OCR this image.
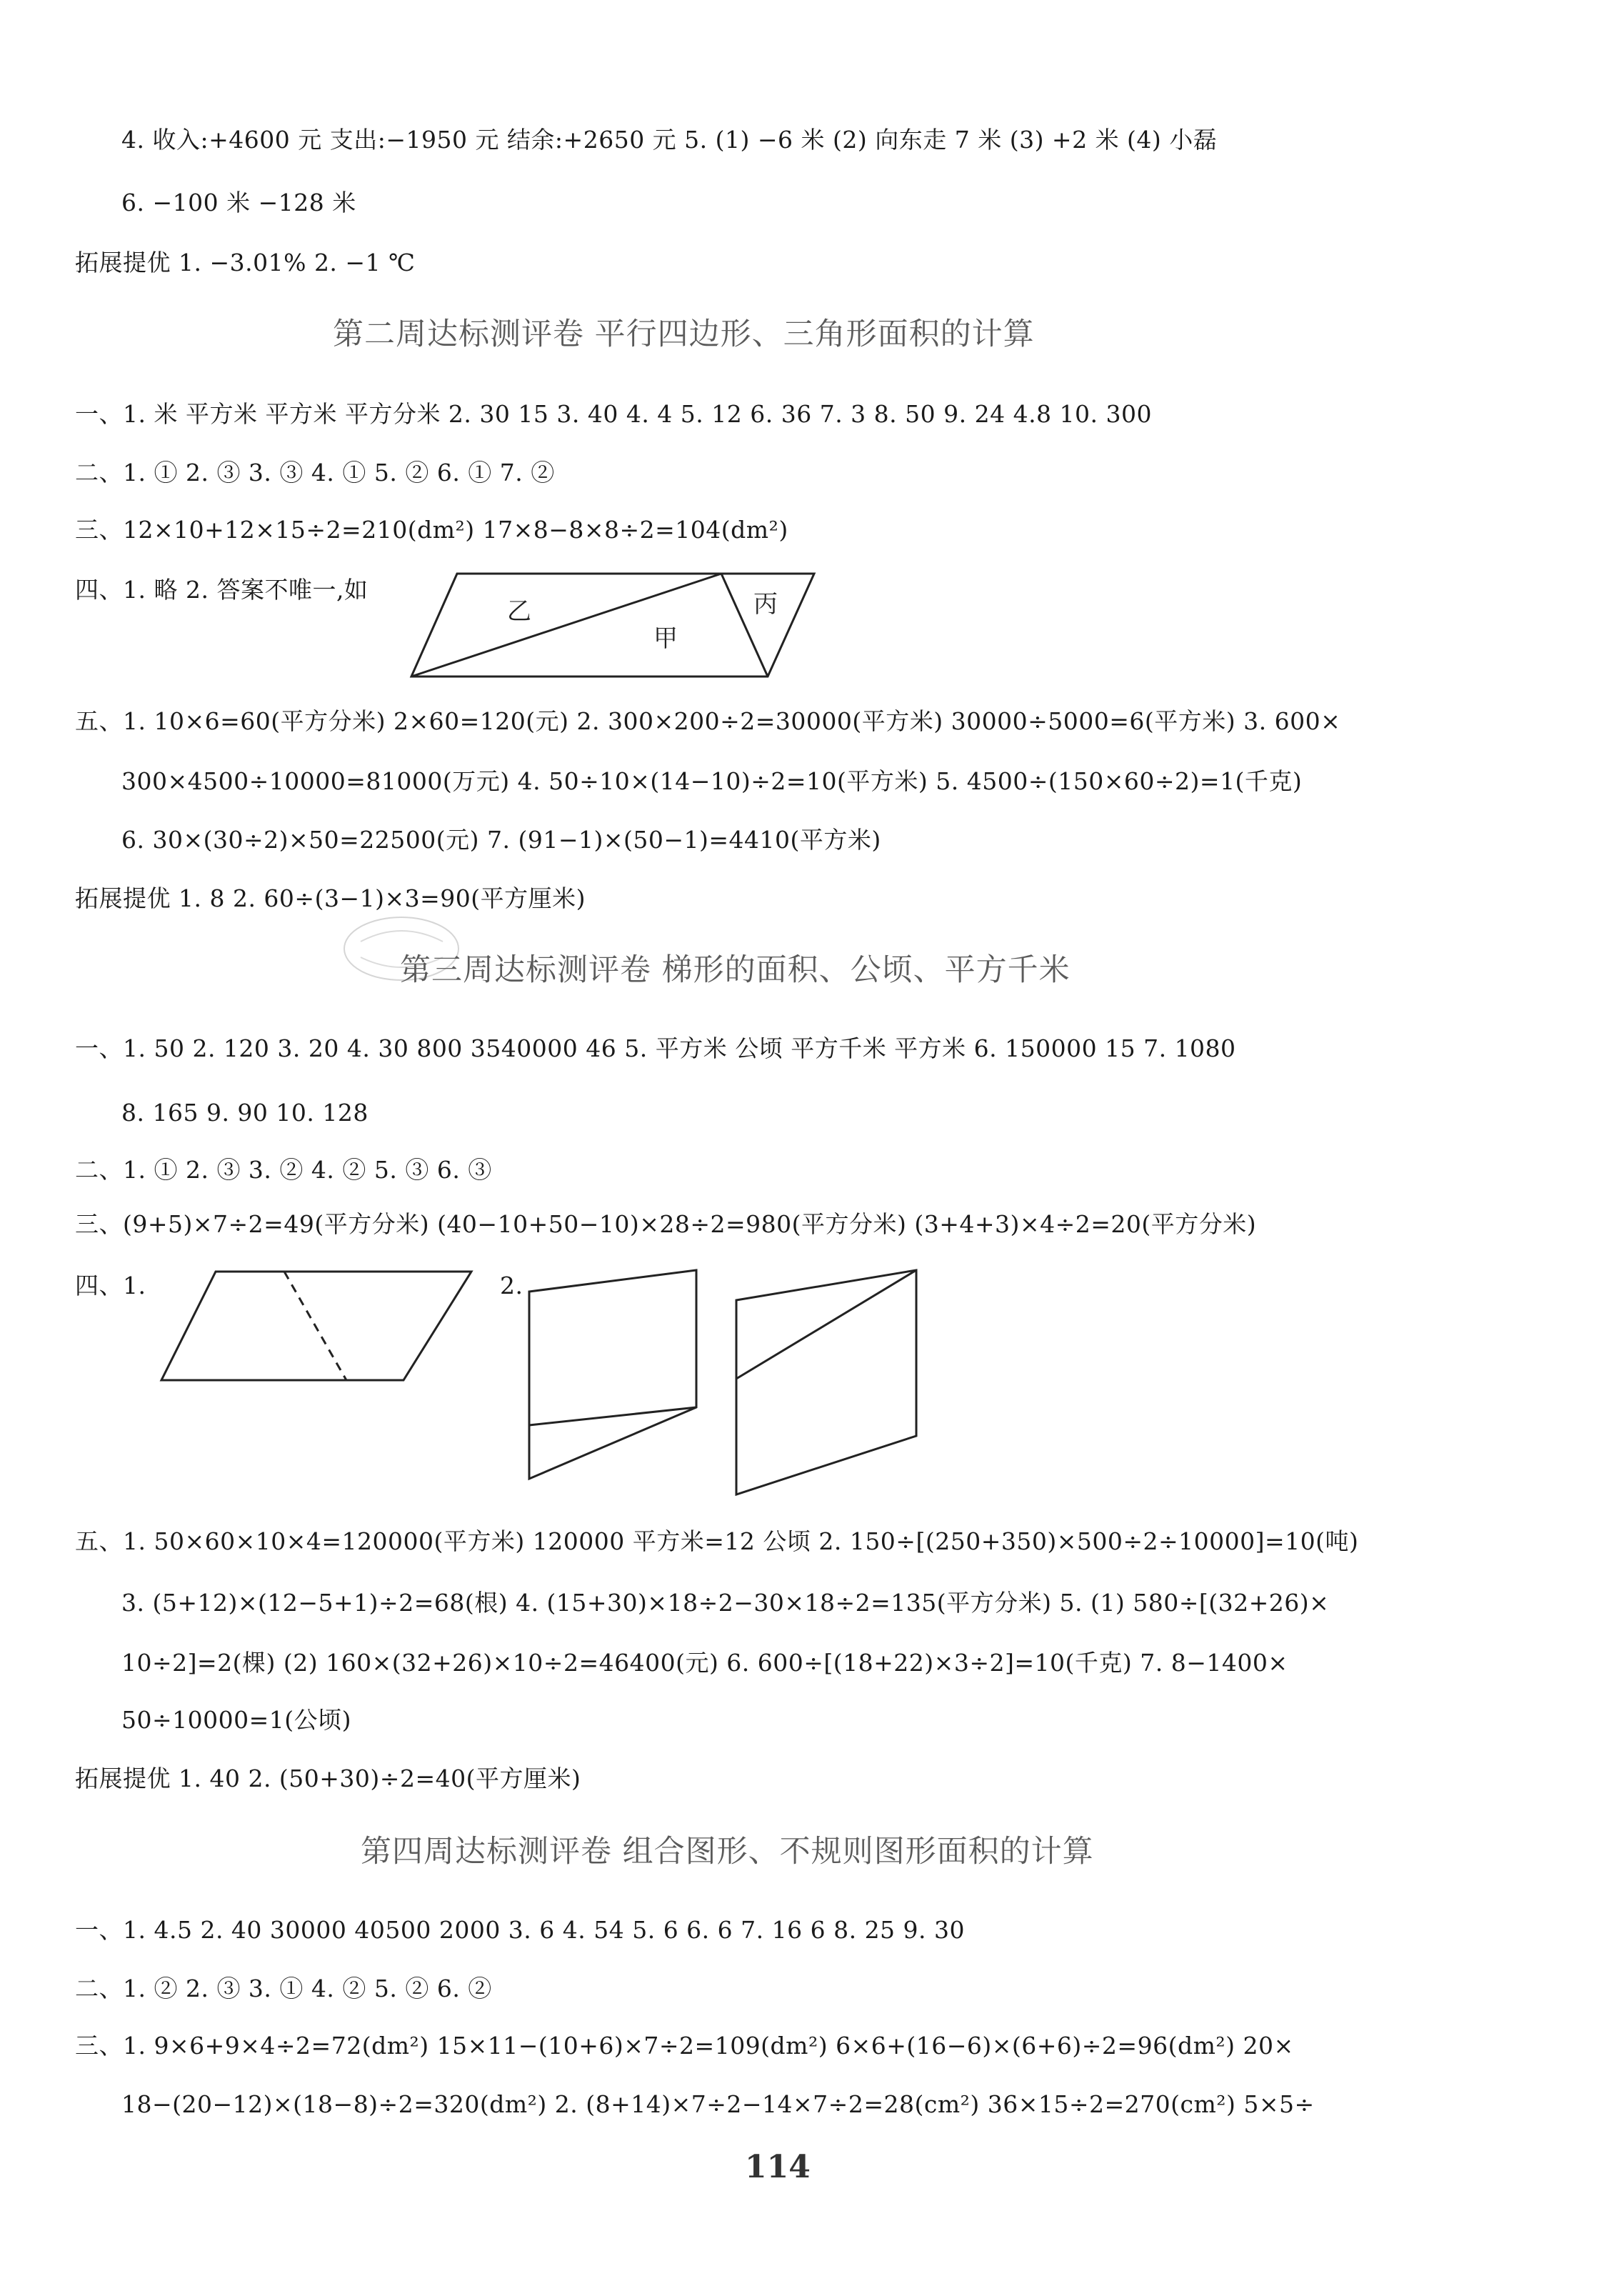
4. 收入:+4600 元 支出:−1950 元 结余:+2650 元 5. (1) −6 米 (2) 向东走 7 米 (3) +2 米 (4) 小磊
6. −100 米 −128 米
拓展提优 1. −3.01% 2. −1 ℃
第二周达标测评卷 平行四边形、三角形面积的计算
一、1. 米 平方米 平方米 平方分米 2. 30 15 3. 40 4. 4 5. 12 6. 36 7. 3 8. 50 9. 24 4.8 10. 300
二、1. ① 2. ③ 3. ③ 4. ① 5. ② 6. ① 7. ②
三、12×10+12×15÷2=210(dm²) 17×8−8×8÷2=104(dm²)
四、1. 略 2. 答案不唯一,如
乙
甲
丙
五、1. 10×6=60(平方分米) 2×60=120(元) 2. 300×200÷2=30000(平方米) 30000÷5000=6(平方米) 3. 600×
300×4500÷10000=81000(万元) 4. 50÷10×(14−10)÷2=10(平方米) 5. 4500÷(150×60÷2)=1(千克)
6. 30×(30÷2)×50=22500(元) 7. (91−1)×(50−1)=4410(平方米)
拓展提优 1. 8 2. 60÷(3−1)×3=90(平方厘米)
第三周达标测评卷 梯形的面积、公顷、平方千米
一、1. 50 2. 120 3. 20 4. 30 800 3540000 46 5. 平方米 公顷 平方千米 平方米 6. 150000 15 7. 1080
8. 165 9. 90 10. 128
二、1. ① 2. ③ 3. ② 4. ② 5. ③ 6. ③
三、(9+5)×7÷2=49(平方分米) (40−10+50−10)×28÷2=980(平方分米) (3+4+3)×4÷2=20(平方分米)
四、1.	2.
五、1. 50×60×10×4=120000(平方米) 120000 平方米=12 公顷 2. 150÷[(250+350)×500÷2÷10000]=10(吨)
3. (5+12)×(12−5+1)÷2=68(根) 4. (15+30)×18÷2−30×18÷2=135(平方分米) 5. (1) 580÷[(32+26)×
10÷2]=2(棵) (2) 160×(32+26)×10÷2=46400(元) 6. 600÷[(18+22)×3÷2]=10(千克) 7. 8−1400×
50÷10000=1(公顷)
拓展提优 1. 40 2. (50+30)÷2=40(平方厘米)
第四周达标测评卷 组合图形、不规则图形面积的计算
一、1. 4.5 2. 40 30000 40500 2000 3. 6 4. 54 5. 6 6. 6 7. 16 6 8. 25 9. 30
二、1. ② 2. ③ 3. ① 4. ② 5. ② 6. ②
三、1. 9×6+9×4÷2=72(dm²) 15×11−(10+6)×7÷2=109(dm²) 6×6+(16−6)×(6+6)÷2=96(dm²) 20×
18−(20−12)×(18−8)÷2=320(dm²) 2. (8+14)×7÷2−14×7÷2=28(cm²) 36×15÷2=270(cm²) 5×5÷
114
